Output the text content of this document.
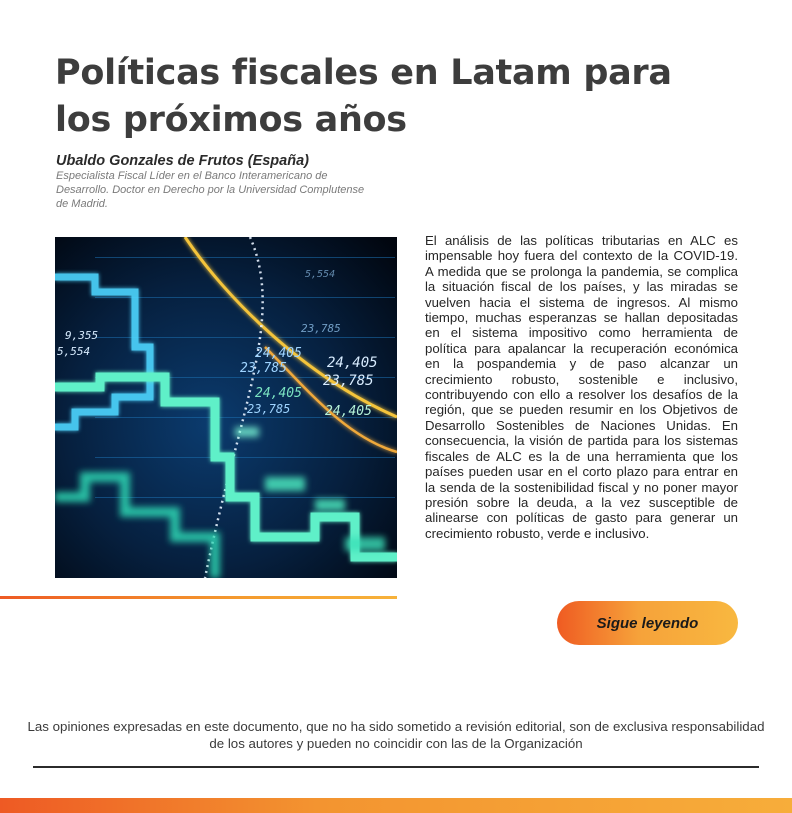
Políticas fiscales en Latam para los próximos años
Ubaldo Gonzales de Frutos (España)
Especialista Fiscal Líder en el Banco Interamericano de Desarrollo. Doctor en Derecho por la Universidad Complutense de Madrid.
24,405
23,785	24,405
23,785
24,405
23,785	24,405
23,785
5,554
9,355
5,554

El análisis de las políticas tributarias en ALC es impensable hoy fuera del contexto de la COVID-19. A medida que se prolonga la pandemia, se complica la situación fiscal de los países, y las miradas se vuelven hacia el sistema de ingresos. Al mismo tiempo, muchas esperanzas se hallan depositadas en el sistema impositivo como herramienta de política para apalancar la recuperación económica en la pospandemia y de paso alcanzar un crecimiento robusto, sostenible e inclusivo, contribuyendo con ello a resolver los desafíos de la región, que se pueden resumir en los Objetivos de Desarrollo Sostenibles de Naciones Unidas. En consecuencia, la visión de partida para los sistemas fiscales de ALC es la de una herramienta que los países pueden usar en el corto plazo para entrar en la senda de la sostenibilidad fiscal y no poner mayor presión sobre la deuda, a la vez susceptible de alinearse con políticas de gasto para generar un crecimiento robusto, verde e inclusivo.

Sigue leyendo
Las opiniones expresadas en este documento, que no ha sido sometido a revisión editorial, son de exclusiva responsabilidad de los autores y pueden no coincidir con las de la Organización
